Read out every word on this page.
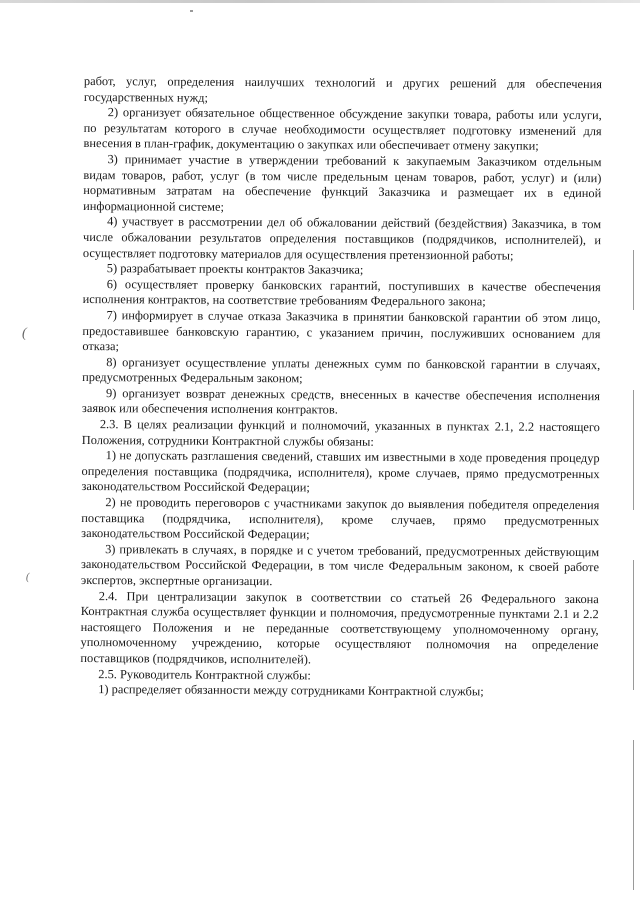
(
(

работ, услуг, определения наилучших технологий и других решений для обеспечения государственных нужд;

2) организует обязательное общественное обсуждение закупки товара, работы или услуги, по результатам которого в случае необходимости осуществляет подготовку изменений для внесения в план-график, документацию о закупках или обеспечивает отмену закупки;

3) принимает участие в утверждении требований к закупаемым Заказчиком отдельным видам товаров, работ, услуг (в том числе предельным ценам товаров, работ, услуг) и (или) нормативным затратам на обеспечение функций Заказчика и размещает их в единой информационной системе;

4) участвует в рассмотрении дел об обжаловании действий (бездействия) Заказчика, в том числе обжаловании результатов определения поставщиков (подрядчиков, исполнителей), и осуществляет подготовку материалов для осуществления претензионной работы;

5) разрабатывает проекты контрактов Заказчика;

6) осуществляет проверку банковских гарантий, поступивших в качестве обеспечения исполнения контрактов, на соответствие требованиям Федерального закона;

7) информирует в случае отказа Заказчика в принятии банковской гарантии об этом лицо, предоставившее банковскую гарантию, с указанием причин, послуживших основанием для отказа;

8) организует осуществление уплаты денежных сумм по банковской гарантии в случаях, предусмотренных Федеральным законом;

9) организует возврат денежных средств, внесенных в качестве обеспечения исполнения заявок или обеспечения исполнения контрактов.

2.3. В целях реализации функций и полномочий, указанных в пунктах 2.1, 2.2 настоящего Положения, сотрудники Контрактной службы обязаны:

1) не допускать разглашения сведений, ставших им известными в ходе проведения процедур определения поставщика (подрядчика, исполнителя), кроме случаев, прямо предусмотренных законодательством Российской Федерации;

2) не проводить переговоров с участниками закупок до выявления победителя определения поставщика (подрядчика, исполнителя), кроме случаев, прямо предусмотренных законодательством Российской Федерации;

3) привлекать в случаях, в порядке и с учетом требований, предусмотренных действующим законодательством Российской Федерации, в том числе Федеральным законом, к своей работе экспертов, экспертные организации.

2.4. При централизации закупок в соответствии со статьей 26 Федерального закона Контрактная служба осуществляет функции и полномочия, предусмотренные пунктами 2.1 и 2.2 настоящего Положения и не переданные соответствующему уполномоченному органу, уполномоченному учреждению, которые осуществляют полномочия на определение поставщиков (подрядчиков, исполнителей).

2.5. Руководитель Контрактной службы:

1) распределяет обязанности между сотрудниками Контрактной службы;
